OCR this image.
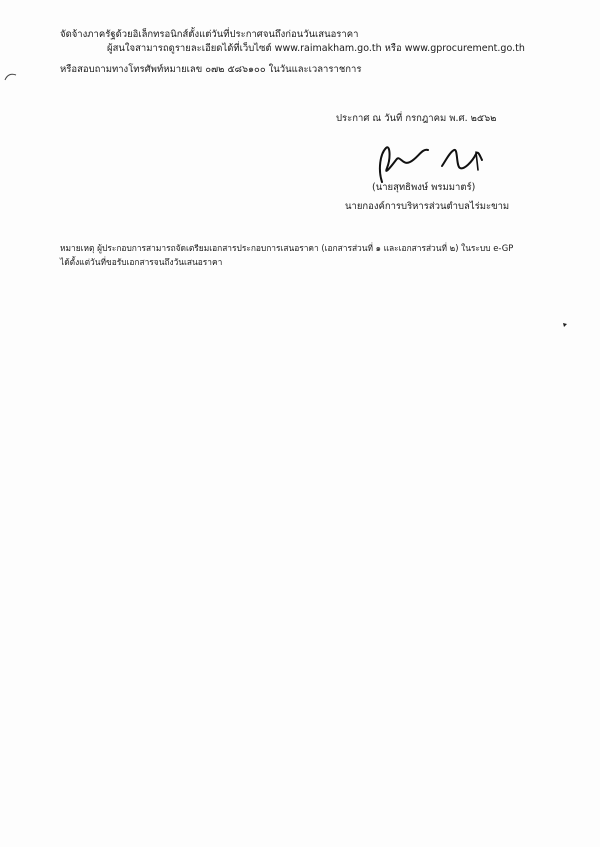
จัดจ้างภาครัฐด้วยอิเล็กทรอนิกส์ตั้งแต่วันที่ประกาศจนถึงก่อนวันเสนอราคา
ผู้สนใจสามารถดูรายละเอียดได้ที่เว็บไซต์ www.raimakham.go.th หรือ www.gprocurement.go.th
หรือสอบถามทางโทรศัพท์หมายเลข ๐๗๒ ๕๘๖๑๐๐ ในวันและเวลาราชการ
ประกาศ ณ วันที่ กรกฎาคม พ.ศ. ๒๕๖๒
(นายสุทธิพงษ์ พรมมาตร์)
นายกองค์การบริหารส่วนตำบลไร่มะขาม
หมายเหตุ ผู้ประกอบการสามารถจัดเตรียมเอกสารประกอบการเสนอราคา (เอกสารส่วนที่ ๑ และเอกสารส่วนที่ ๒) ในระบบ e-GP
ได้ตั้งแต่วันที่ขอรับเอกสารจนถึงวันเสนอราคา
